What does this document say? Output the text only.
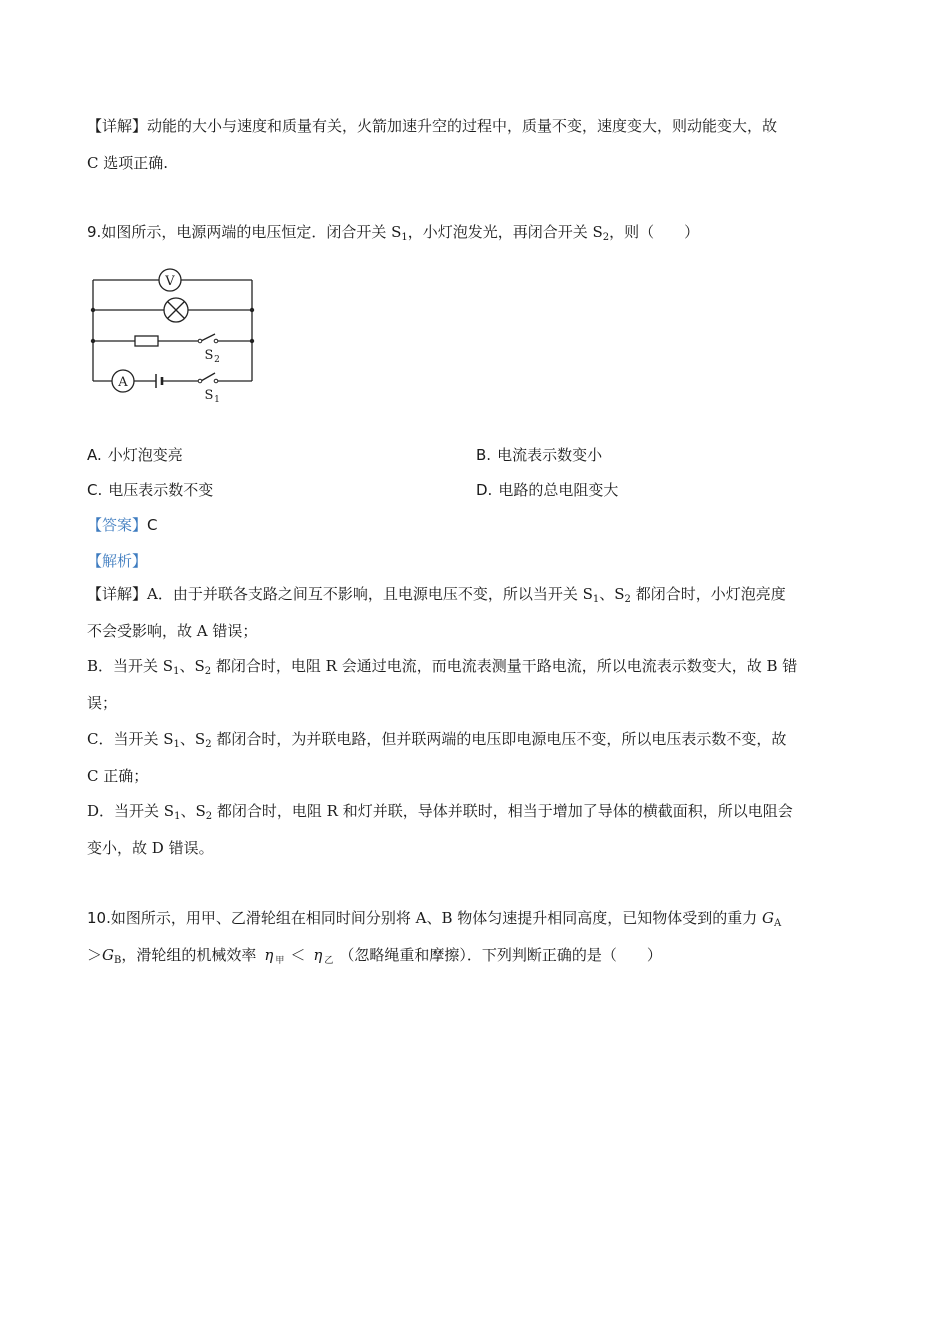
【详解】动能的大小与速度和质量有关，火箭加速升空的过程中，质量不变，速度变大，则动能变大，故
C 选项正确.
9.如图所示，电源两端的电压恒定．闭合开关 $S_1$，小灯泡发光，再闭合开关 $S_2$，则（　　）
V
A
S 2
S 1
A. 小灯泡变亮	B. 电流表示数变小
C. 电压表示数不变	D. 电路的总电阻变大
【答案】C
【解析】
【详解】A．由于并联各支路之间互不影响，且电源电压不变，所以当开关 $S_1$、$S_2$ 都闭合时，小灯泡亮度
不会受影响，故 A 错误；
B．当开关 $S_1$、$S_2$ 都闭合时，电阻 R 会通过电流，而电流表测量干路电流，所以电流表示数变大，故 B 错
误；
C．当开关 $S_1$、$S_2$ 都闭合时，为并联电路，但并联两端的电压即电源电压不变，所以电压表示数不变，故
C 正确；
D．当开关 $S_1$、$S_2$ 都闭合时，电阻 R 和灯并联，导体并联时，相当于增加了导体的横截面积，所以电阻会
变小，故 D 错误。
10.如图所示，用甲、乙滑轮组在相同时间分别将 A、B 物体匀速提升相同高度，已知物体受到的重力 $G_A$
$>G_B$，滑轮组的机械效率 η $_甲$ ＜ η $_乙$ （忽略绳重和摩擦）．下列判断正确的是（　　）
